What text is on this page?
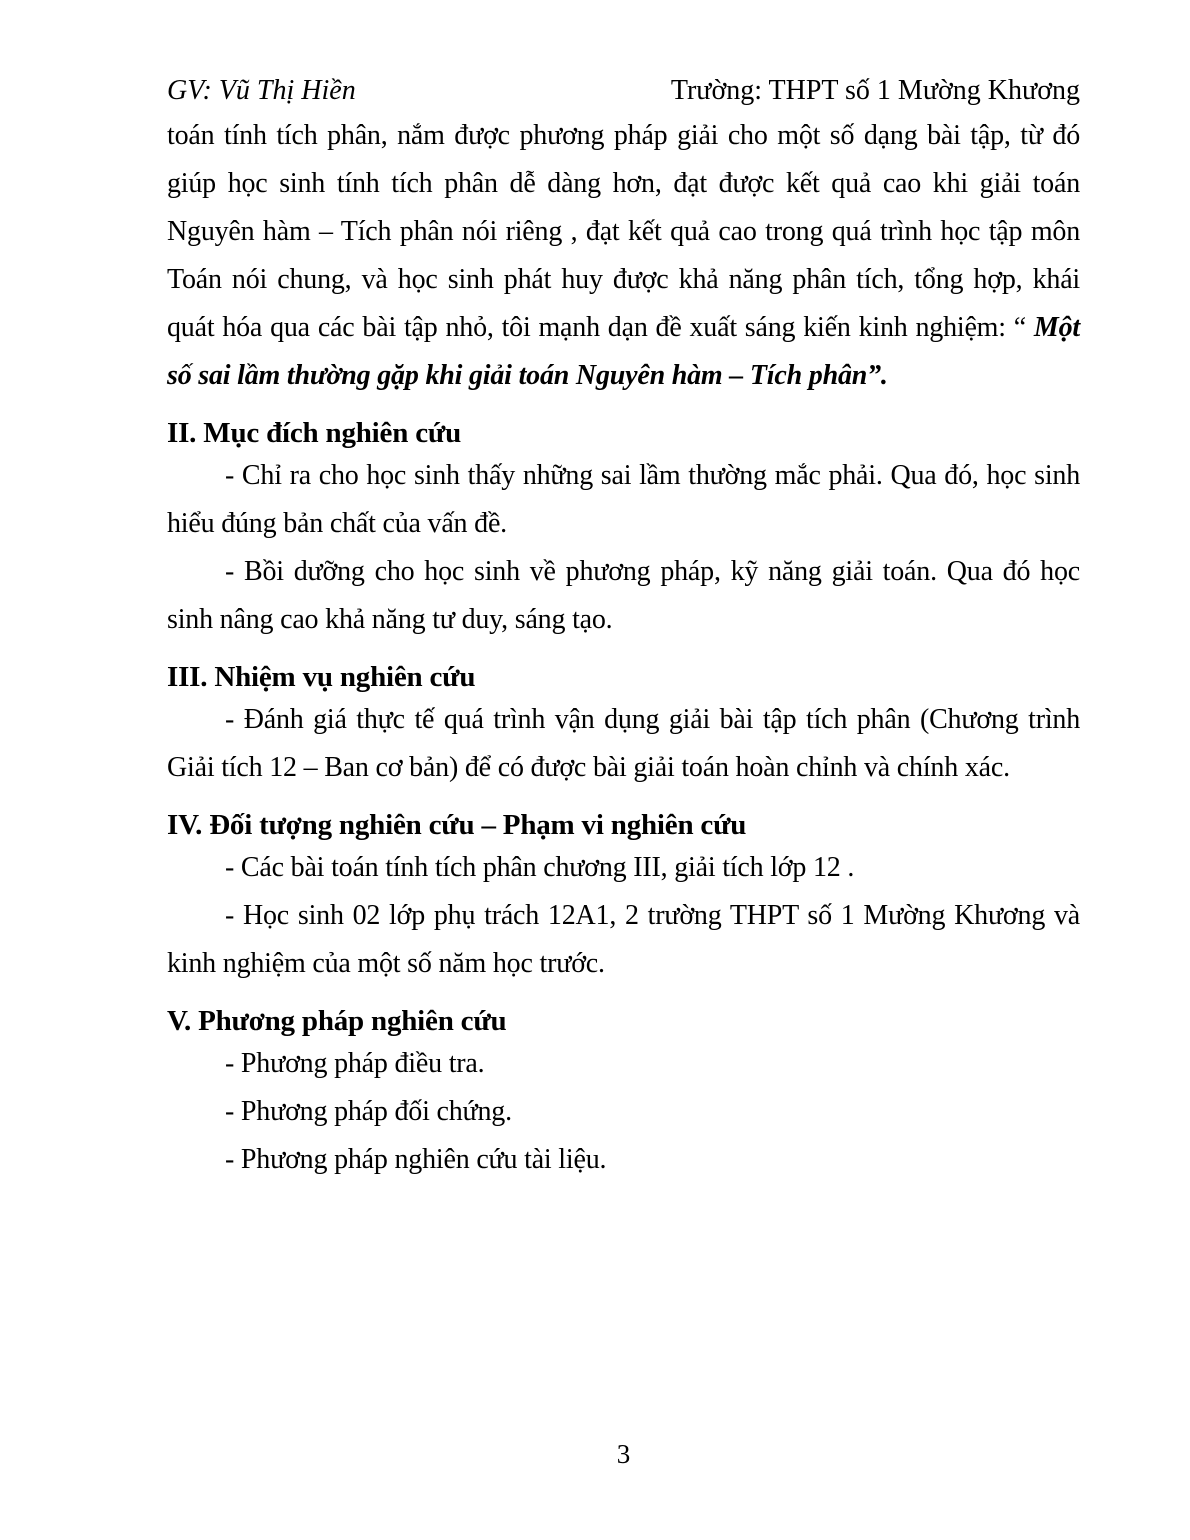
GV: Vũ Thị Hiền	Trường: THPT số 1 Mường Khương

toán tính tích phân, nắm được phương pháp giải cho một số dạng bài tập, từ đó giúp học sinh tính tích phân dễ dàng hơn, đạt được kết quả cao khi giải toán Nguyên hàm – Tích phân nói riêng , đạt kết quả cao trong quá trình học tập môn Toán nói chung, và học sinh phát huy được khả năng phân tích, tổng hợp, khái quát hóa qua các bài tập nhỏ, tôi mạnh dạn đề xuất sáng kiến kinh nghiệm: “ Một số sai lầm thường gặp khi giải toán Nguyên hàm – Tích phân”.

II. Mục đích nghiên cứu

- Chỉ ra cho học sinh thấy những sai lầm thường mắc phải. Qua đó, học sinh hiểu đúng bản chất của vấn đề.

- Bồi dưỡng cho học sinh về phương pháp, kỹ năng giải toán. Qua đó học sinh nâng cao khả năng tư duy, sáng tạo.

III. Nhiệm vụ nghiên cứu

- Đánh giá thực tế quá trình vận dụng giải bài tập tích phân (Chương trình Giải tích 12 – Ban cơ bản) để có được bài giải toán hoàn chỉnh và chính xác.

IV. Đối tượng nghiên cứu – Phạm vi nghiên cứu

- Các bài toán tính tích phân chương III, giải tích lớp 12 .

- Học sinh 02 lớp phụ trách 12A1, 2 trường THPT số 1 Mường Khương và kinh nghiệm của một số năm học trước.

V. Phương pháp nghiên cứu

- Phương pháp điều tra.

- Phương pháp đối chứng.

- Phương pháp nghiên cứu tài liệu.

3
